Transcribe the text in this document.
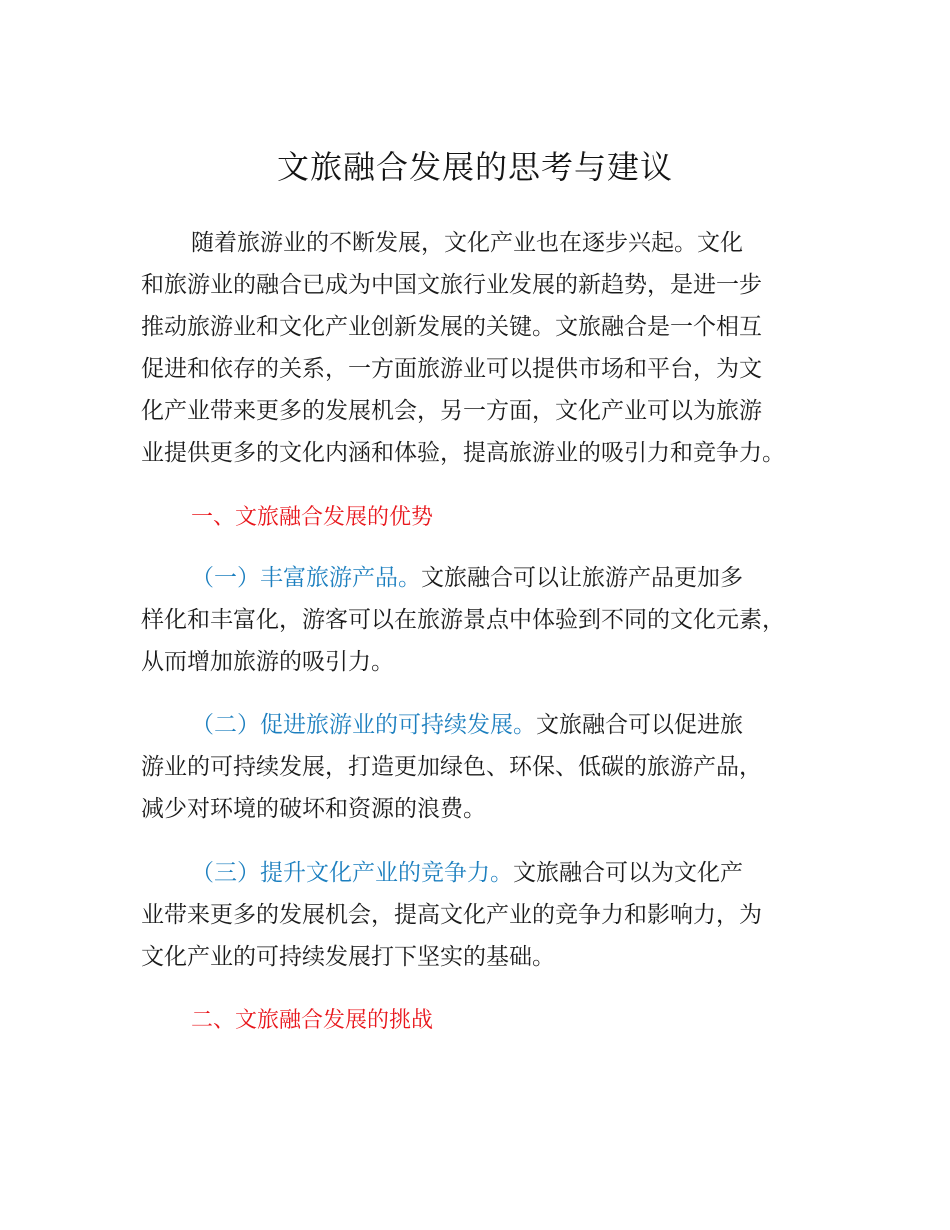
文旅融合发展的思考与建议
随着旅游业的不断发展，文化产业也在逐步兴起。文化
和旅游业的融合已成为中国文旅行业发展的新趋势，是进一步
推动旅游业和文化产业创新发展的关键。文旅融合是一个相互
促进和依存的关系，一方面旅游业可以提供市场和平台，为文
化产业带来更多的发展机会，另一方面，文化产业可以为旅游
业提供更多的文化内涵和体验，提高旅游业的吸引力和竞争力。
一、文旅融合发展的优势
（一）丰富旅游产品。文旅融合可以让旅游产品更加多
样化和丰富化，游客可以在旅游景点中体验到不同的文化元素，
从而增加旅游的吸引力。
（二）促进旅游业的可持续发展。文旅融合可以促进旅
游业的可持续发展，打造更加绿色、环保、低碳的旅游产品，
减少对环境的破坏和资源的浪费。
（三）提升文化产业的竞争力。文旅融合可以为文化产
业带来更多的发展机会，提高文化产业的竞争力和影响力，为
文化产业的可持续发展打下坚实的基础。
二、文旅融合发展的挑战
